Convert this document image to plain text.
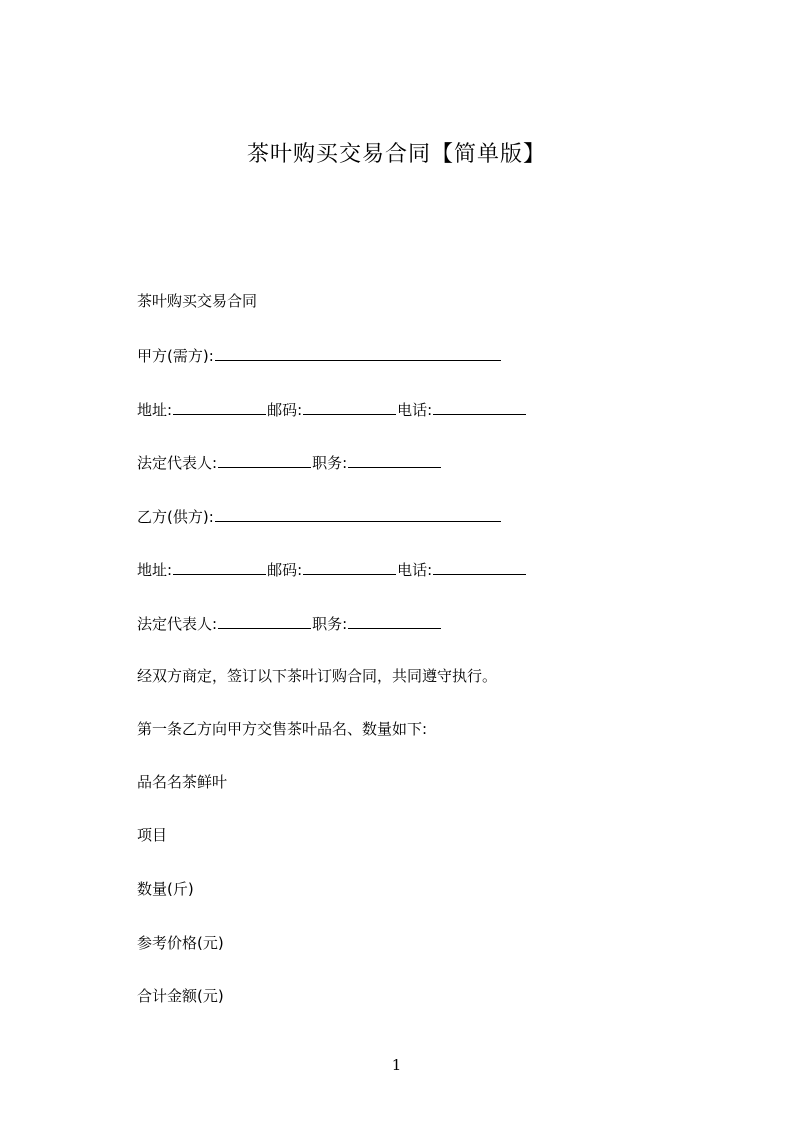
茶叶购买交易合同【简单版】
茶叶购买交易合同
甲方(需方):
地址:	邮码:	电话:
法定代表人:	职务:
乙方(供方):
地址:	邮码:	电话:
法定代表人:	职务:
经双方商定，签订以下茶叶订购合同，共同遵守执行。
第一条乙方向甲方交售茶叶品名、数量如下:
品名名茶鲜叶
项目
数量(斤)
参考价格(元)
合计金额(元)
1
